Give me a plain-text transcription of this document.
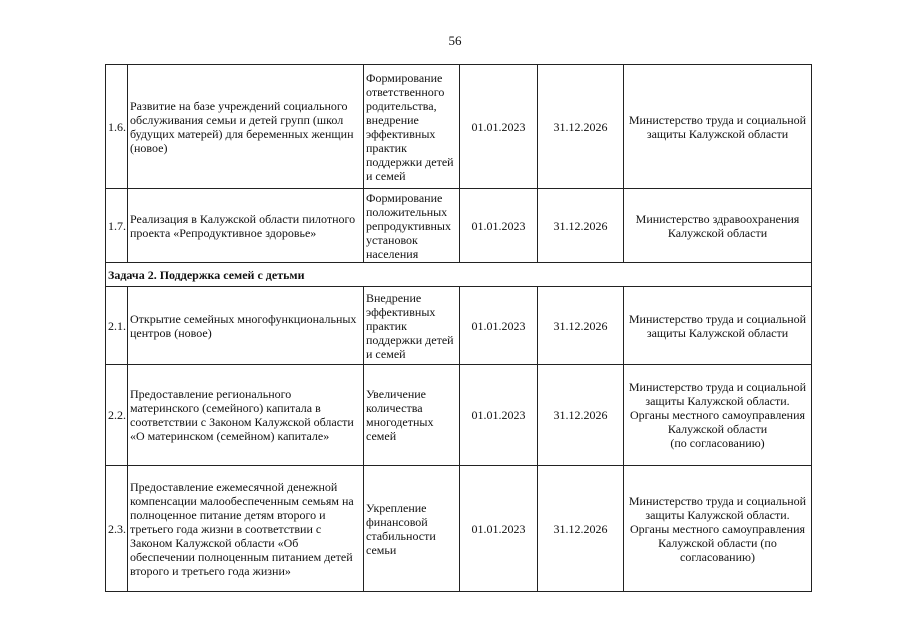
56
1.6.	Развитие на базе учреждений социального обслуживания семьи и детей групп (школ будущих матерей) для беременных женщин (новое)	Формирование ответственного родительства, внедрение эффективных практик поддержки детей и семей	01.01.2023	31.12.2026	Министерство труда и социальной защиты Калужской области
1.7.	Реализация в Калужской области пилотного проекта «Репродуктивное здоровье»	Формирование положительных репродуктивных установок населения	01.01.2023	31.12.2026	Министерство здравоохранения Калужской области
Задача 2. Поддержка семей с детьми					
2.1.	Открытие семейных многофункциональных центров (новое)	Внедрение эффективных практик поддержки детей и семей	01.01.2023	31.12.2026	Министерство труда и социальной защиты Калужской области
2.2.	Предоставление регионального материнского (семейного) капитала в соответствии с Законом Калужской области «О материнском (семейном) капитале»	Увеличение количества многодетных семей	01.01.2023	31.12.2026	Министерство труда и социальной защиты Калужской области.
Органы местного самоуправления Калужской области
(по согласованию)

2.3.	Предоставление ежемесячной денежной компенсации малообеспеченным семьям на полноценное питание детям второго и третьего года жизни в соответствии с Законом Калужской области «Об обеспечении полноценным питанием детей второго и третьего года жизни»	Укрепление финансовой стабильности семьи	01.01.2023	31.12.2026	Министерство труда и социальной защиты Калужской области.
Органы местного самоуправления Калужской области (по согласованию)
